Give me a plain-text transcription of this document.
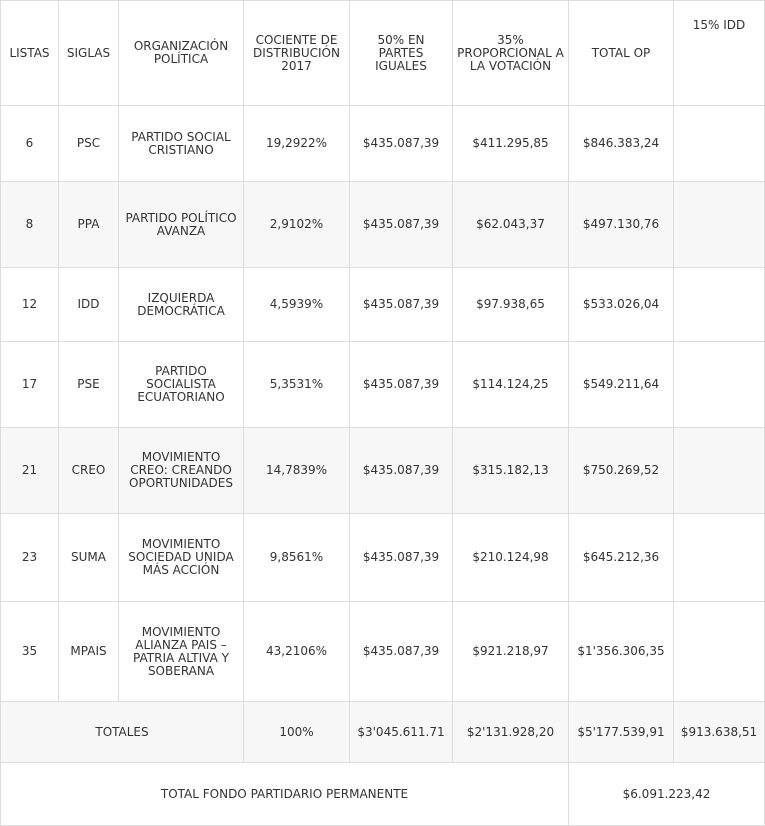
LISTAS	SIGLAS	ORGANIZACIÓN POLÍTICA	COCIENTE DE DISTRIBUCIÓN 2017	50% EN PARTES IGUALES	35% PROPORCIONAL A LA VOTACIÓN	TOTAL OP	15% IDD
6	PSC	PARTIDO SOCIAL CRISTIANO	19,2922%	$435.087,39	$411.295,85	$846.383,24	
8	PPA	PARTIDO POLÍTICO AVANZA	2,9102%	$435.087,39	$62.043,37	$497.130,76	
12	IDD	IZQUIERDA DEMOCRÁTICA	4,5939%	$435.087,39	$97.938,65	$533.026,04	
17	PSE	PARTIDO SOCIALISTA ECUATORIANO	5,3531%	$435.087,39	$114.124,25	$549.211,64	
21	CREO	MOVIMIENTO CREO: CREANDO OPORTUNIDADES	14,7839%	$435.087,39	$315.182,13	$750.269,52	
23	SUMA	MOVIMIENTO SOCIEDAD UNIDA MÁS ACCIÓN	9,8561%	$435.087,39	$210.124,98	$645.212,36	
35	MPAIS	MOVIMIENTO ALIANZA PAIS – PATRIA ALTIVA Y SOBERANA	43,2106%	$435.087,39	$921.218,97	$1'356.306,35	
TOTALES			100%	$3'045.611.71	$2'131.928,20	$5'177.539,91	$913.638,51
TOTAL FONDO PARTIDARIO PERMANENTE						$6.091.223,42	
